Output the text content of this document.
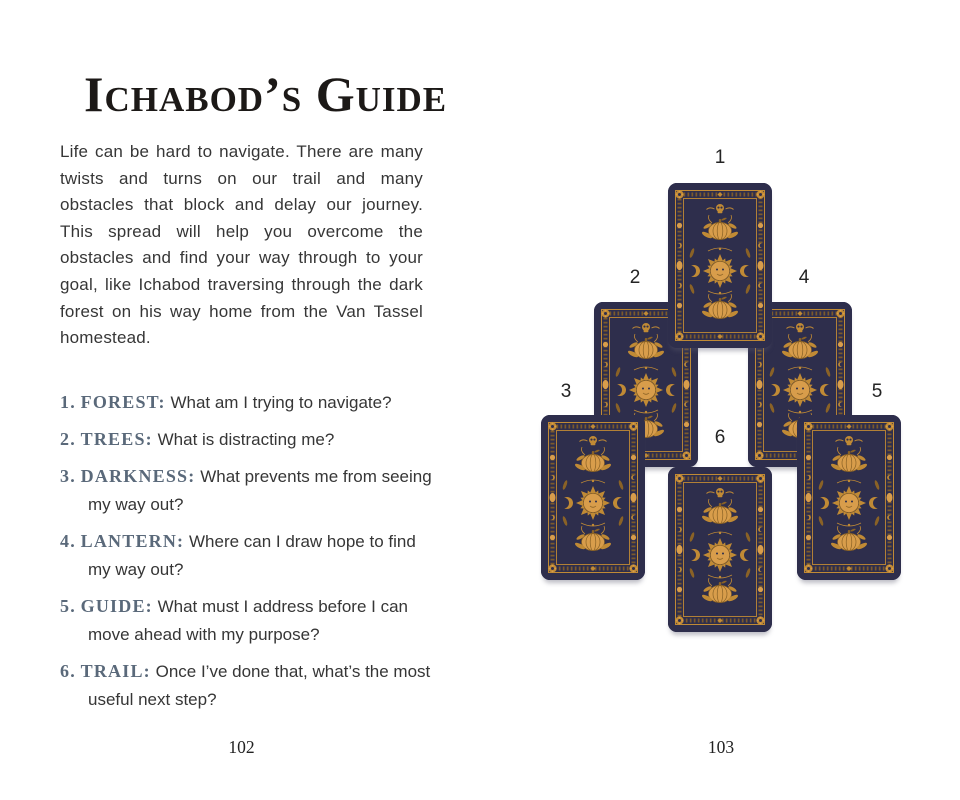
Ichabod’s Guide

Life can be hard to navigate. There are many twists and turns on our trail and many obstacles that block and delay our journey. This spread will help you overcome the obstacles and find your way through to your goal, like Ichabod traversing through the dark forest on his way home from the Van Tassel homestead.

1. FOREST: What am I trying to navigate?
2. TREES: What is distracting me?
3. DARKNESS: What prevents me from seeing my way out?
4. LANTERN: Where can I draw hope to find my way out?
5. GUIDE: What must I address before I can move ahead with my purpose?
6. TRAIL: Once I’ve done that, what’s the most useful next step?
102
2	4
1
3	5
6
103
